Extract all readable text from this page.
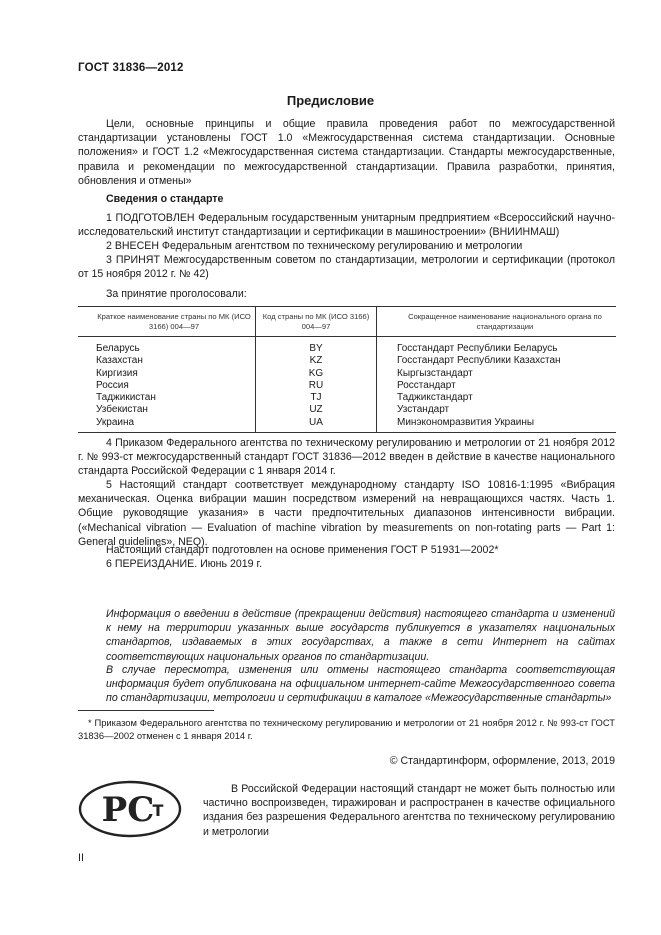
ГОСТ 31836—2012
Предисловие
Цели, основные принципы и общие правила проведения работ по межгосударственной стандартизации установлены ГОСТ 1.0 «Межгосударственная система стандартизации. Основные положения» и ГОСТ 1.2 «Межгосударственная система стандартизации. Стандарты межгосударственные, правила и рекомендации по межгосударственной стандартизации. Правила разработки, принятия, обновления и отмены»
Сведения о стандарте
1 ПОДГОТОВЛЕН Федеральным государственным унитарным предприятием «Всероссийский научно-исследовательский институт стандартизации и сертификации в машиностроении» (ВНИИНМАШ)
2 ВНЕСЕН Федеральным агентством по техническому регулированию и метрологии
3 ПРИНЯТ Межгосударственным советом по стандартизации, метрологии и сертификации (протокол от 15 ноября 2012 г. № 42)
За принятие проголосовали:
Краткое наименование страны по МК (ИСО 3166) 004—97	Код страны по МК (ИСО 3166) 004—97	Сокращенное наименование национального органа по стандартизации
Беларусь	BY	Госстандарт Республики Беларусь
Казахстан	KZ	Госстандарт Республики Казахстан
Киргизия	KG	Кыргызстандарт
Россия	RU	Росстандарт
Таджикистан	TJ	Таджикстандарт
Узбекистан	UZ	Узстандарт
Украина	UA	Минэкономразвития Украины
4 Приказом Федерального агентства по техническому регулированию и метрологии от 21 ноября 2012 г. № 993-ст межгосударственный стандарт ГОСТ 31836—2012 введен в действие в качестве национального стандарта Российской Федерации с 1 января 2014 г.
5 Настоящий стандарт соответствует международному стандарту ISO 10816-1:1995 «Вибрация механическая. Оценка вибрации машин посредством измерений на невращающихся частях. Часть 1. Общие руководящие указания» в части предпочтительных диапазонов интенсивности вибрации. («Mechanical vibration — Evaluation of machine vibration by measurements on non-rotating parts — Part 1: General guidelines», NEQ).
Настоящий стандарт подготовлен на основе применения ГОСТ Р 51931—2002*
6 ПЕРЕИЗДАНИЕ. Июнь 2019 г.
Информация о введении в действие (прекращении действия) настоящего стандарта и изменений к нему на территории указанных выше государств публикуется в указателях национальных стандартов, издаваемых в этих государствах, а также в сети Интернет на сайтах соответствующих национальных органов по стандартизации.
В случае пересмотра, изменения или отмены настоящего стандарта соответствующая информация будет опубликована на официальном интернет-сайте Межгосударственного совета по стандартизации, метрологии и сертификации в каталоге «Межгосударственные стандарты»
* Приказом Федерального агентства по техническому регулированию и метрологии от 21 ноября 2012 г. № 993-ст ГОСТ 31836—2002 отменен с 1 января 2014 г.
© Стандартинформ, оформление, 2013, 2019
РС
Т
В Российской Федерации настоящий стандарт не может быть полностью или частично воспроизведен, тиражирован и распространен в качестве официального издания без разрешения Федерального агентства по техническому регулированию и метрологии
II
